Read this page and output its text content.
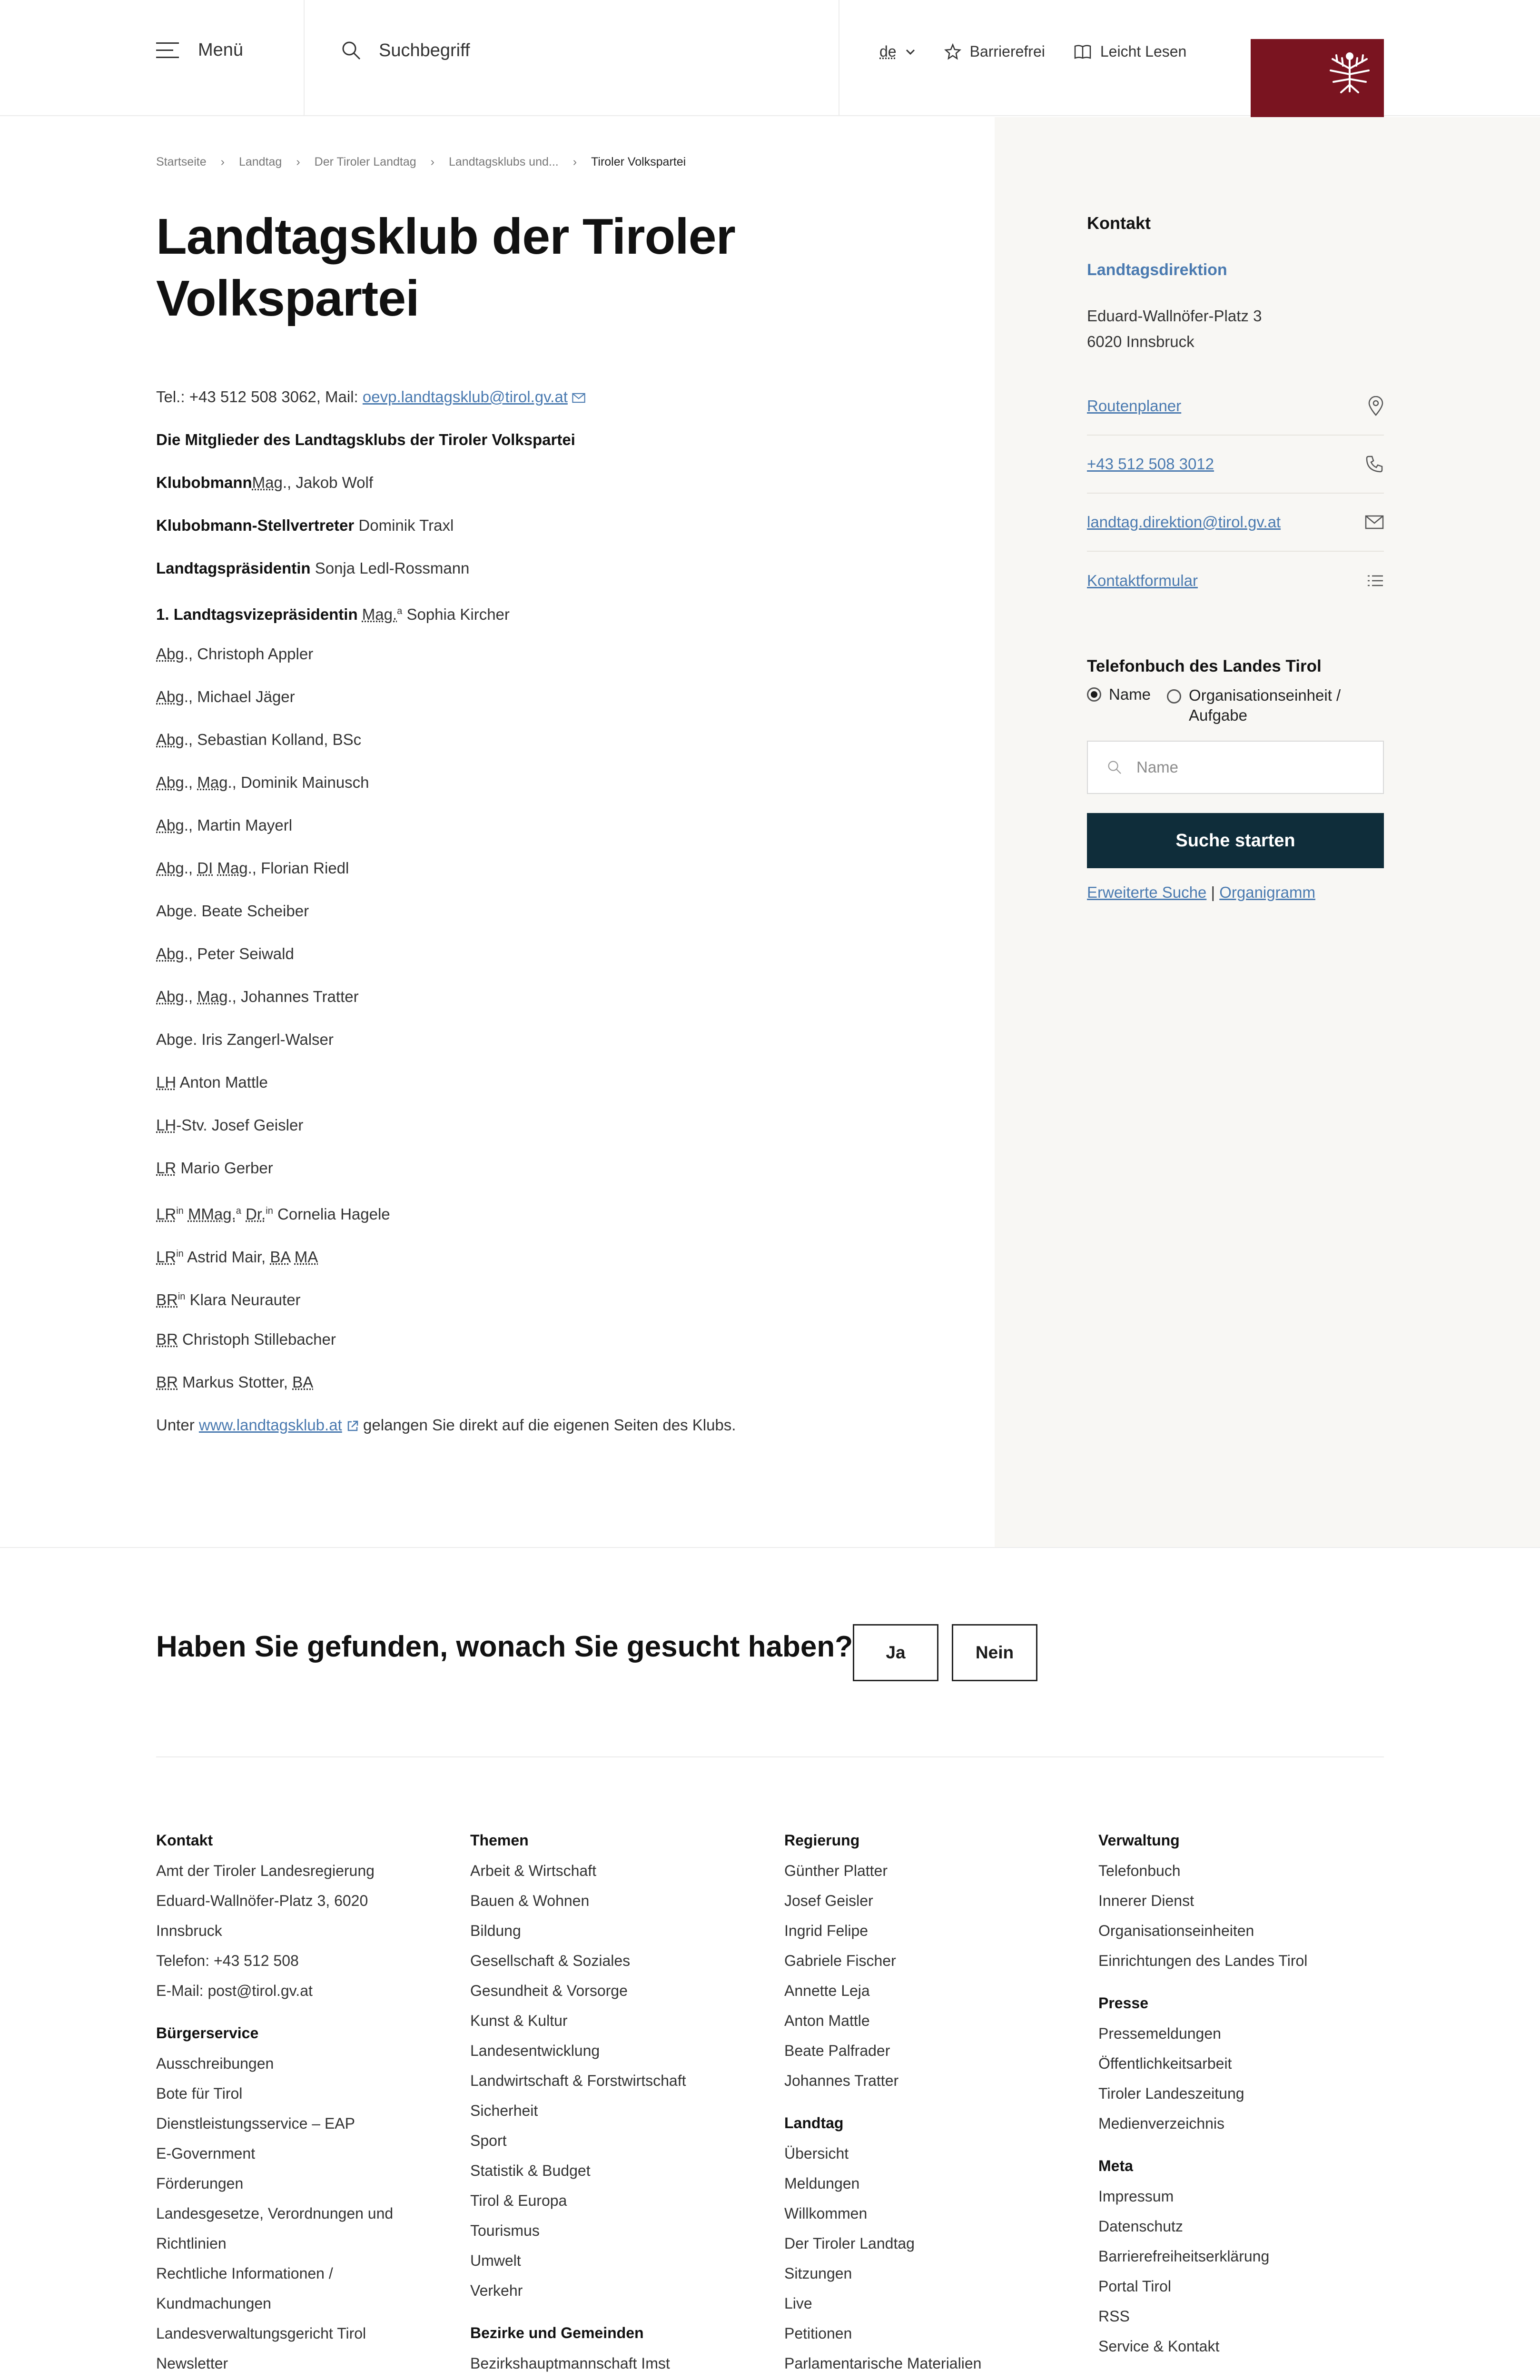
Menü	Suchbegriff	de	Barrierefrei	Leicht Lesen
Kontakt
Landtagsdirektion
Eduard-Wallnöfer-Platz 3
6020 Innsbruck
Routenplaner
+43 512 508 3012
landtag.direktion@tirol.gv.at
Kontaktformular
Telefonbuch des Landes Tirol
Name Organisationseinheit /
Aufgabe
Name
Suche starten
Erweiterte Suche | Organigramm
Startseite › Landtag › Der Tiroler Landtag › Landtagsklubs und... › Tiroler Volkspartei
Landtagsklub der Tiroler
Volkspartei
Tel.: +43 512 508 3062, Mail: oevp.landtagsklub@tirol.gv.at
Die Mitglieder des Landtagsklubs der Tiroler Volkspartei
KlubobmannMag., Jakob Wolf
Klubobmann-Stellvertreter Dominik Traxl
Landtagspräsidentin Sonja Ledl-Rossmann
1. Landtagsvizepräsidentin Mag.$^a$ Sophia Kircher
Abg., Christoph Appler
Abg., Michael Jäger
Abg., Sebastian Kolland, BSc
Abg., Mag., Dominik Mainusch
Abg., Martin Mayerl
Abg., DI Mag., Florian Riedl
Abge. Beate Scheiber
Abg., Peter Seiwald
Abg., Mag., Johannes Tratter
Abge. Iris Zangerl-Walser
LH Anton Mattle
LH-Stv. Josef Geisler
LR Mario Gerber
$LR^{in}$ MMag.$^a$ Dr.$^{in}$ Cornelia Hagele
$LR^{in}$ Astrid Mair, BA MA
$BR^{in}$ Klara Neurauter
BR Christoph Stillebacher
BR Markus Stotter, BA
Unter www.landtagsklub.at  gelangen Sie direkt auf die eigenen Seiten des Klubs.
Haben Sie gefunden, wonach Sie gesucht haben?	Ja	Nein
Kontakt
Amt der Tiroler Landesregierung
Eduard-Wallnöfer-Platz 3, 6020
Innsbruck
Telefon: +43 512 508
E-Mail: post@tirol.gv.at
Bürgerservice
Ausschreibungen
Bote für Tirol
Dienstleistungsservice – EAP
E-Government
Förderungen
Landesgesetze, Verordnungen und
Richtlinien
Rechtliche Informationen /
Kundmachungen
Landesverwaltungsgericht Tirol
Newsletter
Themen
Arbeit & Wirtschaft
Bauen & Wohnen
Bildung
Gesellschaft & Soziales
Gesundheit & Vorsorge
Kunst & Kultur
Landesentwicklung
Landwirtschaft & Forstwirtschaft
Sicherheit
Sport
Statistik & Budget
Tirol & Europa
Tourismus
Umwelt
Verkehr
Bezirke und Gemeinden
Bezirkshauptmannschaft Imst
Regierung
Günther Platter
Josef Geisler
Ingrid Felipe
Gabriele Fischer
Annette Leja
Anton Mattle
Beate Palfrader
Johannes Tratter
Landtag
Übersicht
Meldungen
Willkommen
Der Tiroler Landtag
Sitzungen
Live
Petitionen
Parlamentarische Materialien
Verwaltung
Telefonbuch
Innerer Dienst
Organisationseinheiten
Einrichtungen des Landes Tirol
Presse
Pressemeldungen
Öffentlichkeitsarbeit
Tiroler Landeszeitung
Medienverzeichnis
Meta
Impressum
Datenschutz
Barrierefreiheitserklärung
Portal Tirol
RSS
Service & Kontakt
